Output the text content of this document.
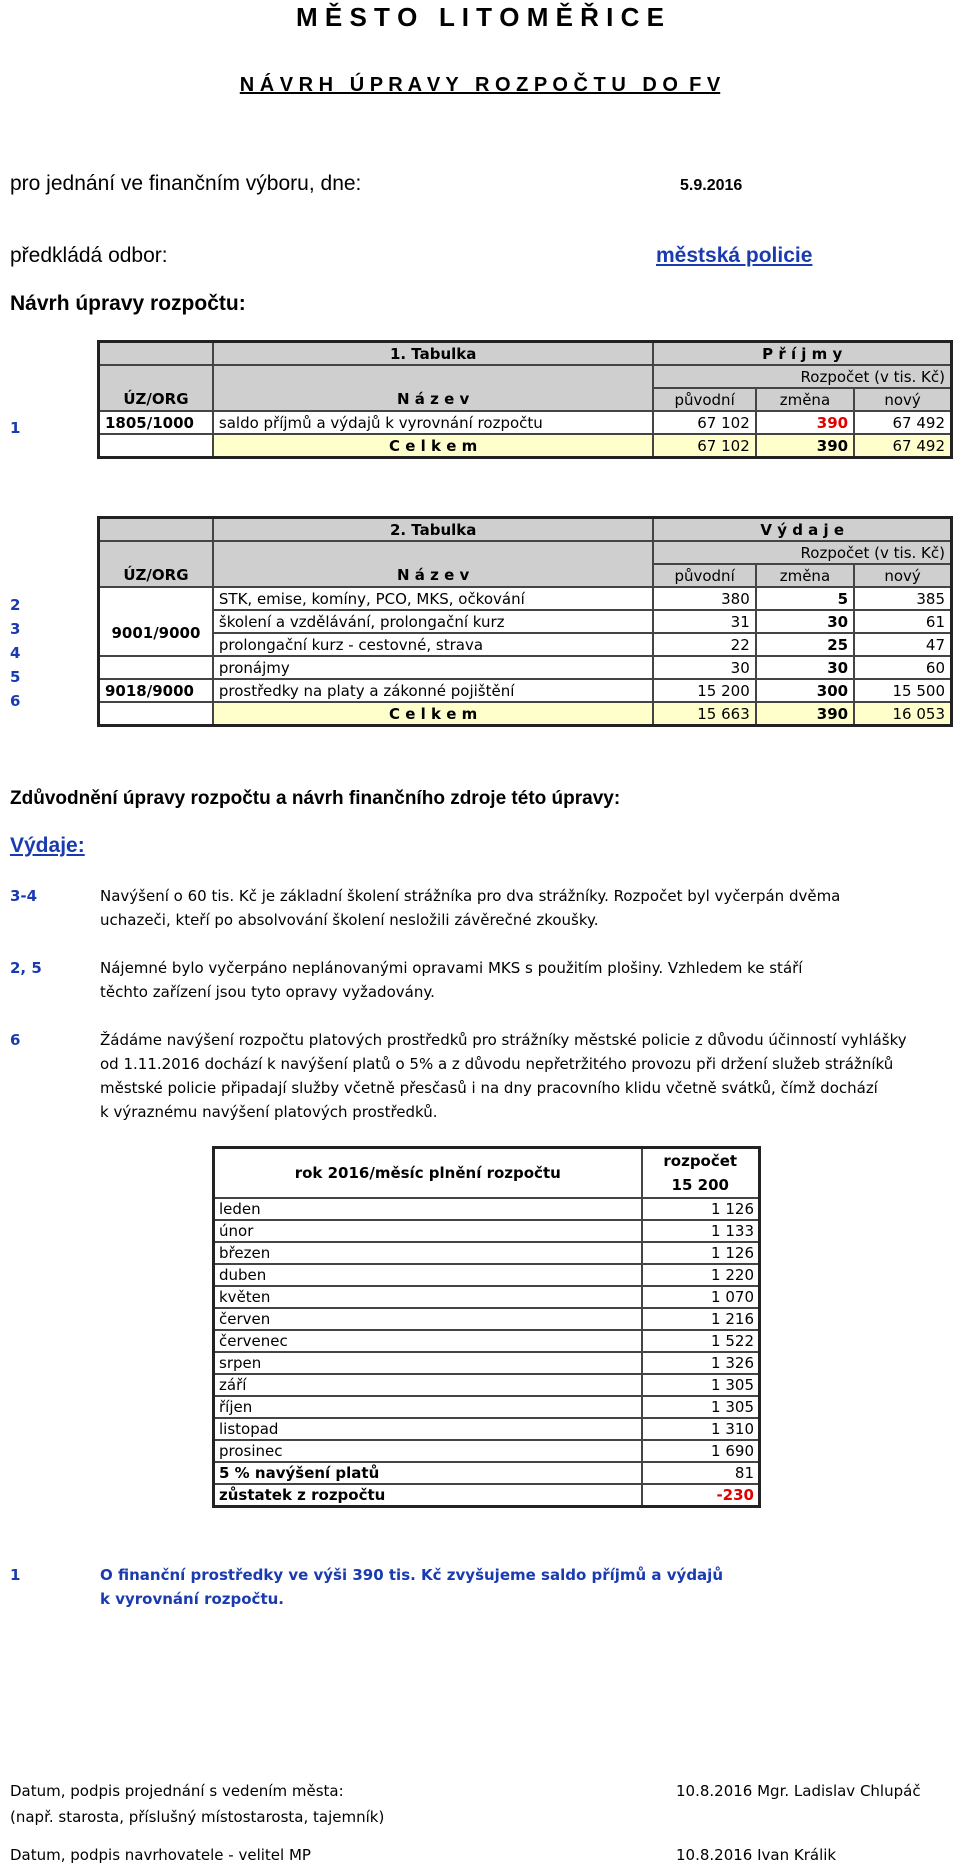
M Ě S T O   L I T O M Ě Ř I C E
N Á V R H   Ú P R A V Y   R O Z P O Č T U   D O  F V
pro jednání ve finančním výboru, dne:	5.9.2016
předkládá odbor:	městská policie
Návrh úpravy rozpočtu:
	1. Tabulka	P ř í j m y		
		Rozpočet (v tis. Kč)		
ÚZ/ORG	N á z e v	původní	změna	nový
1805/1000	saldo příjmů a výdajů k vyrovnání rozpočtu	67 102	390	67 492
	C e l k e m	67 102	390	67 492
1
	2. Tabulka	V ý d a j e		
		Rozpočet (v tis. Kč)		
ÚZ/ORG	N á z e v	původní	změna	nový
	STK, emise, komíny, PCO, MKS, očkování	380	5	385
9001/9000	školení a vzdělávání, prolongační kurz	31	30	61
	prolongační kurz - cestovné, strava	22	25	47
	pronájmy	30	30	60
9018/9000	prostředky na platy a zákonné pojištění	15 200	300	15 500
	C e l k e m	15 663	390	16 053
2
3
4
5
6
Zdůvodnění úpravy rozpočtu a návrh finančního zdroje této úpravy:
Výdaje:
3-4	Navýšení o 60 tis. Kč je základní školení strážníka pro dva strážníky. Rozpočet byl vyčerpán dvěma
uchazeči, kteří po absolvování školení nesložili závěrečné zkoušky.
2, 5	Nájemné bylo vyčerpáno neplánovanými opravami MKS s použitím plošiny. Vzhledem ke stáří
těchto zařízení jsou tyto opravy vyžadovány.
6	Žádáme navýšení rozpočtu platových prostředků pro strážníky městské policie z důvodu účinností vyhlášky
od 1.11.2016 dochází k navýšení platů o 5% a z důvodu nepřetržitého provozu při držení služeb strážníků
městské policie připadají služby včetně přesčasů i na dny pracovního klidu včetně svátků, čímž dochází
k výraznému navýšení platových prostředků.
rok 2016/měsíc plnění rozpočtu	rozpočet
	15 200
leden	1 126
únor	1 133
březen	1 126
duben	1 220
květen	1 070
červen	1 216
červenec	1 522
srpen	1 326
září	1 305
říjen	1 305
listopad	1 310
prosinec	1 690
5 % navýšení platů	81
zůstatek z rozpočtu	-230
1	O finanční prostředky ve výši 390 tis. Kč zvyšujeme saldo příjmů a výdajů
k vyrovnání rozpočtu.
Datum, podpis projednání s vedením města:	10.8.2016 Mgr. Ladislav Chlupáč
(např. starosta, příslušný místostarosta, tajemník)
Datum, podpis navrhovatele - velitel MP	10.8.2016 Ivan Králik
